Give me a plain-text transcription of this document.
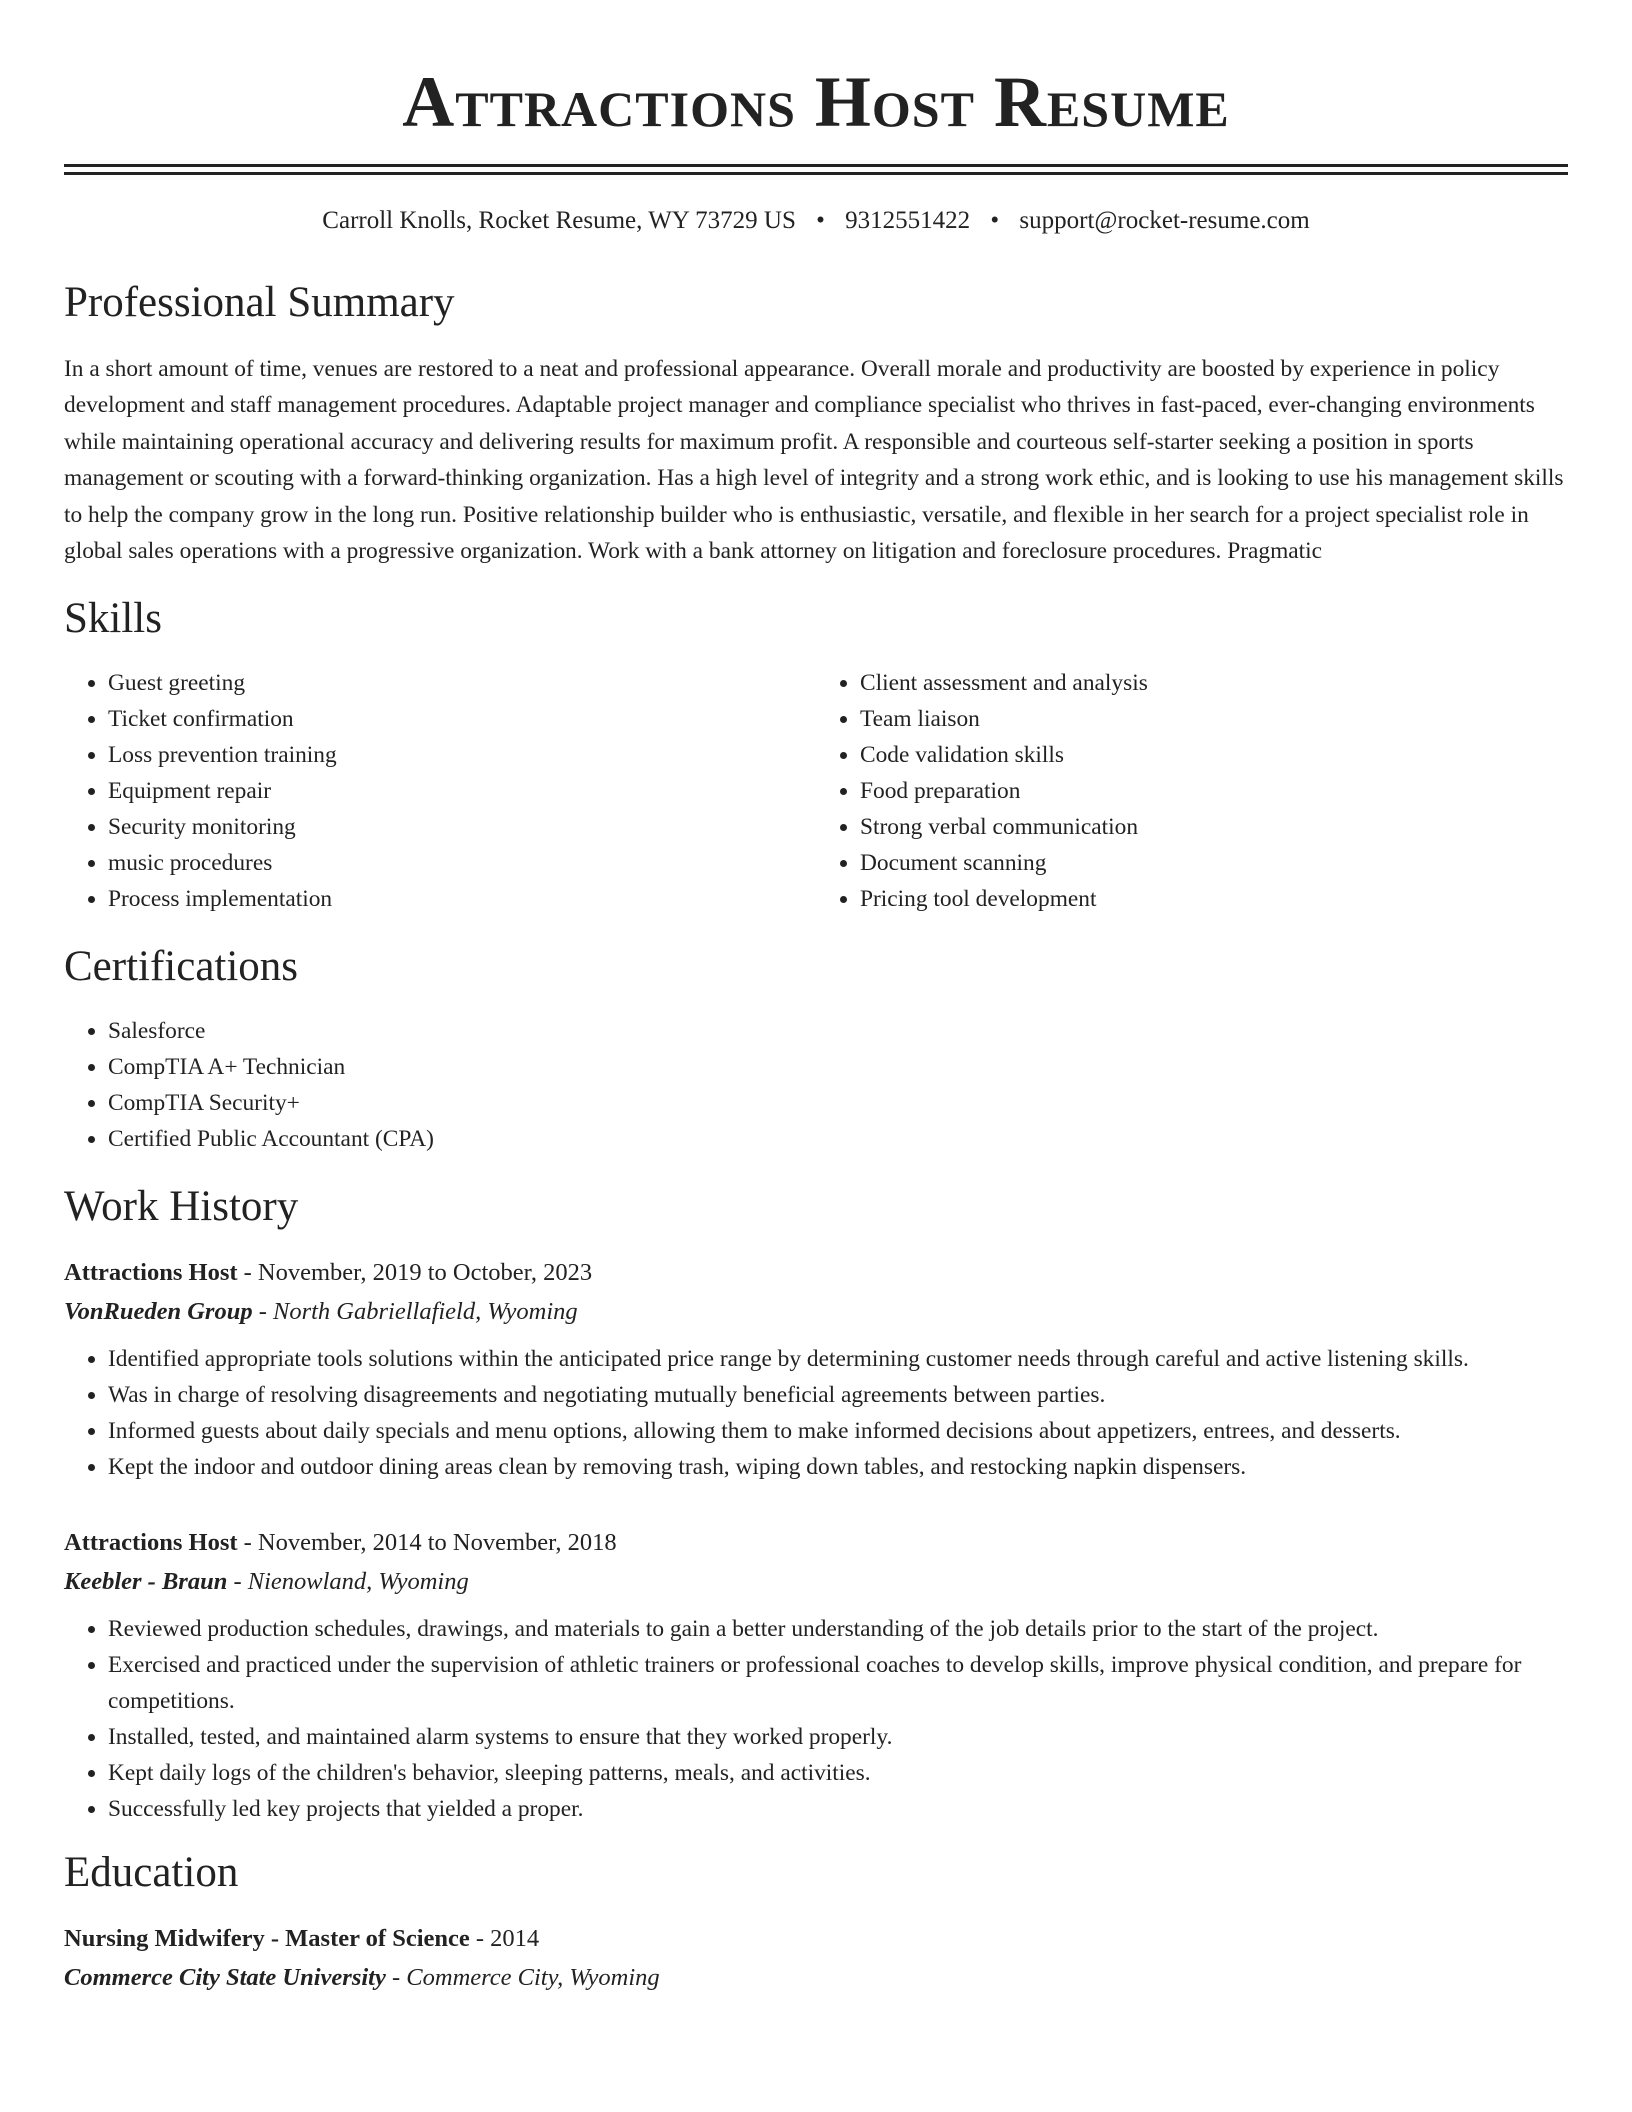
Attractions Host Resume
Carroll Knolls, Rocket Resume, WY 73729 US • 9312551422 • support@rocket-resume.com
Professional Summary

In a short amount of time, venues are restored to a neat and professional appearance. Overall morale and productivity are boosted by experience in policy development and staff management procedures. Adaptable project manager and compliance specialist who thrives in fast-paced, ever-changing environments while maintaining operational accuracy and delivering results for maximum profit. A responsible and courteous self-starter seeking a position in sports management or scouting with a forward-thinking organization. Has a high level of integrity and a strong work ethic, and is looking to use his management skills to help the company grow in the long run. Positive relationship builder who is enthusiastic, versatile, and flexible in her search for a project specialist role in global sales operations with a progressive organization. Work with a bank attorney on litigation and foreclosure procedures. Pragmatic

Skills
• Guest greeting
• Ticket confirmation
• Loss prevention training
• Equipment repair
• Security monitoring
• music procedures
• Process implementation
• Client assessment and analysis
• Team liaison
• Code validation skills
• Food preparation
• Strong verbal communication
• Document scanning
• Pricing tool development
Certifications
• Salesforce
• CompTIA A+ Technician
• CompTIA Security+
• Certified Public Accountant (CPA)
Work History
Attractions Host - November, 2019 to October, 2023
VonRueden Group - North Gabriellafield, Wyoming
• Identified appropriate tools solutions within the anticipated price range by determining customer needs through careful and active listening skills.
• Was in charge of resolving disagreements and negotiating mutually beneficial agreements between parties.
• Informed guests about daily specials and menu options, allowing them to make informed decisions about appetizers, entrees, and desserts.
• Kept the indoor and outdoor dining areas clean by removing trash, wiping down tables, and restocking napkin dispensers.
Attractions Host - November, 2014 to November, 2018
Keebler - Braun - Nienowland, Wyoming
• Reviewed production schedules, drawings, and materials to gain a better understanding of the job details prior to the start of the project.
• Exercised and practiced under the supervision of athletic trainers or professional coaches to develop skills, improve physical condition, and prepare for competitions.
• Installed, tested, and maintained alarm systems to ensure that they worked properly.
• Kept daily logs of the children's behavior, sleeping patterns, meals, and activities.
• Successfully led key projects that yielded a proper.
Education
Nursing Midwifery - Master of Science - 2014
Commerce City State University - Commerce City, Wyoming
